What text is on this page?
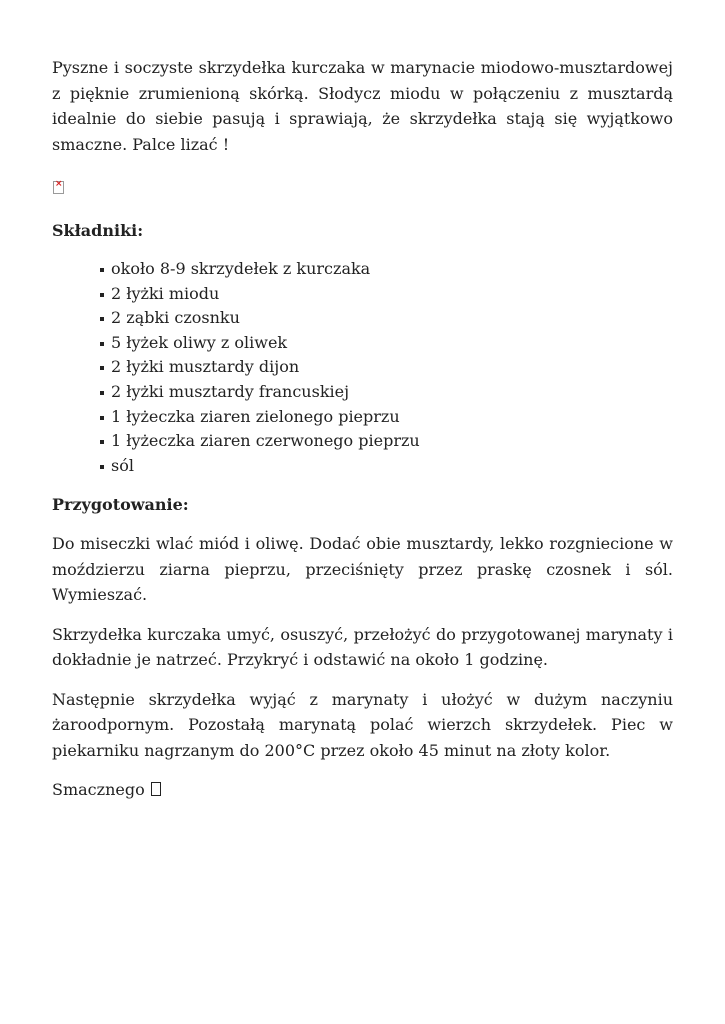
Pyszne i soczyste skrzydełka kurczaka w marynacie miodowo-musztardowej z pięknie zrumienioną skórką. Słodycz miodu w połączeniu z musztardą idealnie do siebie pasują i sprawiają, że skrzydełka stają się wyjątkowo smaczne. Palce lizać !

×
Składniki:
około 8-9 skrzydełek z kurczaka
2 łyżki miodu
2 ząbki czosnku
5 łyżek oliwy z oliwek
2 łyżki musztardy dijon
2 łyżki musztardy francuskiej
1 łyżeczka ziaren zielonego pieprzu
1 łyżeczka ziaren czerwonego pieprzu
sól
Przygotowanie:

Do miseczki wlać miód i oliwę. Dodać obie musztardy, lekko rozgniecione w moździerzu ziarna pieprzu, przeciśnięty przez praskę czosnek i sól. Wymieszać.

Skrzydełka kurczaka umyć, osuszyć, przełożyć do przygotowanej marynaty i dokładnie je natrzeć. Przykryć i odstawić na około 1 godzinę.

Następnie skrzydełka wyjąć z marynaty i ułożyć w dużym naczyniu żaroodpornym. Pozostałą marynatą polać wierzch skrzydełek. Piec w piekarniku nagrzanym do 200°C przez około 45 minut na złoty kolor.

Smacznego
